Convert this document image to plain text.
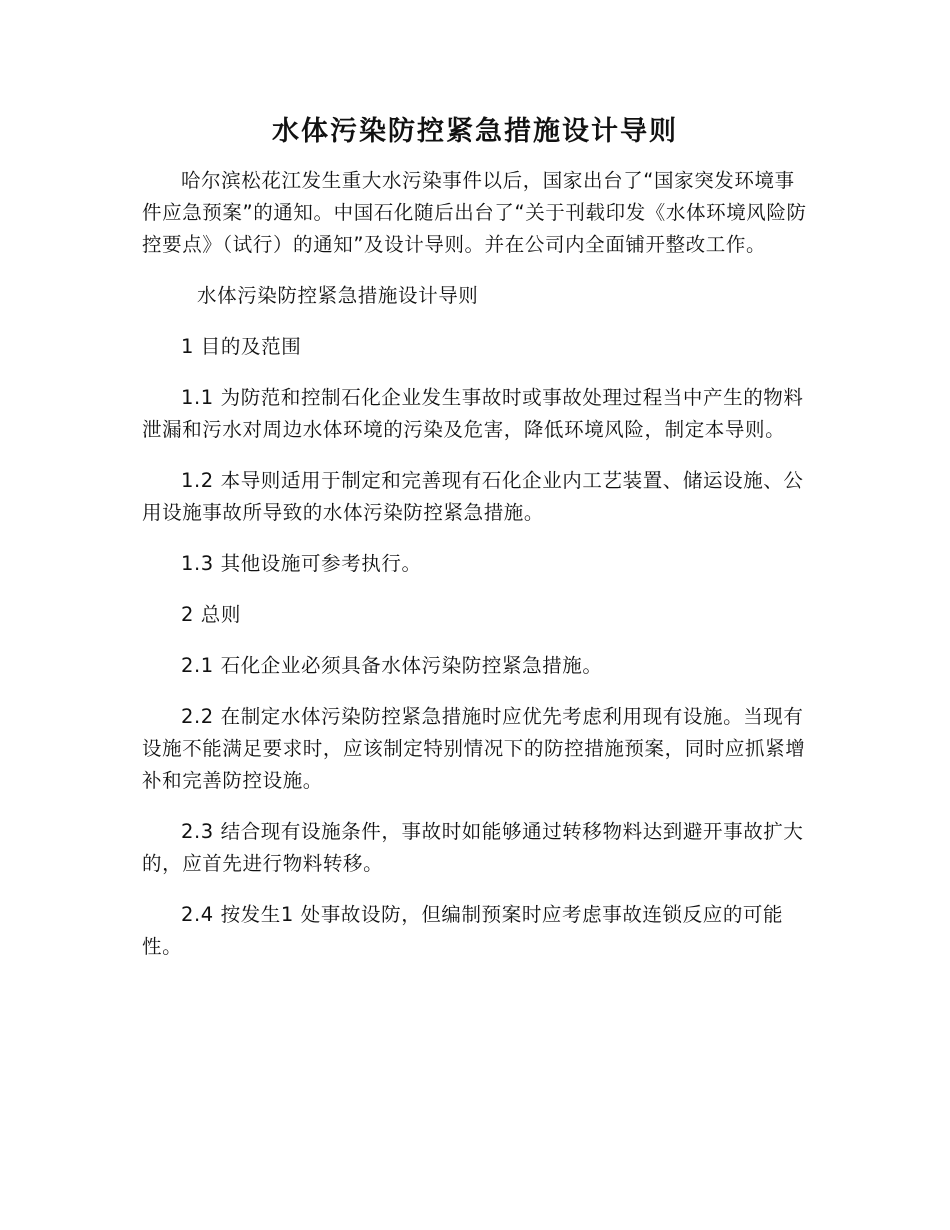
水体污染防控紧急措施设计导则

哈尔滨松花江发生重大水污染事件以后，国家出台了“国家突发环境事件应急预案”的通知。中国石化随后出台了“关于刊载印发《水体环境风险防控要点》（试行）的通知”及设计导则。并在公司内全面铺开整改工作。

水体污染防控紧急措施设计导则

1 目的及范围

1.1 为防范和控制石化企业发生事故时或事故处理过程当中产生的物料泄漏和污水对周边水体环境的污染及危害，降低环境风险，制定本导则。

1.2 本导则适用于制定和完善现有石化企业内工艺装置、储运设施、公用设施事故所导致的水体污染防控紧急措施。

1.3 其他设施可参考执行。

2 总则

2.1 石化企业必须具备水体污染防控紧急措施。

2.2 在制定水体污染防控紧急措施时应优先考虑利用现有设施。当现有设施不能满足要求时，应该制定特别情况下的防控措施预案，同时应抓紧增补和完善防控设施。

2.3 结合现有设施条件，事故时如能够通过转移物料达到避开事故扩大的，应首先进行物料转移。

2.4 按发生1 处事故设防，但编制预案时应考虑事故连锁反应的可能性。
